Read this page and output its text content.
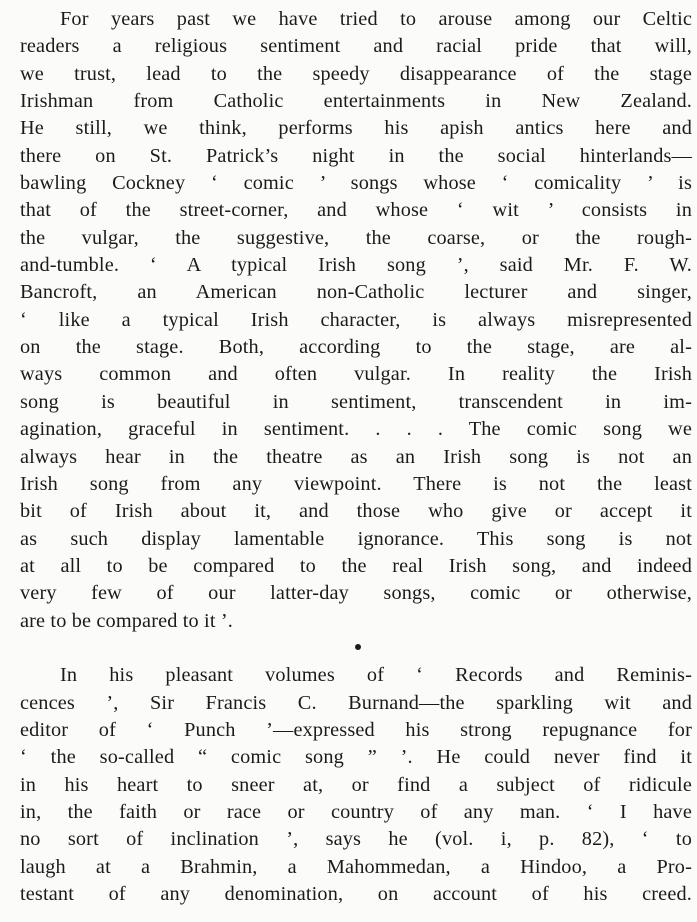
For years past we have tried to arouse among our Celtic
readers a religious sentiment and racial pride that will,
we trust, lead to the speedy disappearance of the stage
Irishman from Catholic entertainments in New Zealand.
He still, we think, performs his apish antics here and
there on St. Patrick’s night in the social hinterlands—
bawling Cockney ‘ comic ’ songs whose ‘ comicality ’ is
that of the street-corner, and whose ‘ wit ’ consists in
the vulgar, the suggestive, the coarse, or the rough-
and-tumble. ‘ A typical Irish song ’, said Mr. F. W.
Bancroft, an American non-Catholic lecturer and singer,
‘ like a typical Irish character, is always misrepresented
on the stage. Both, according to the stage, are al-
ways common and often vulgar. In reality the Irish
song is beautiful in sentiment, transcendent in im-
agination, graceful in sentiment. . . . The comic song we
always hear in the theatre as an Irish song is not an
Irish song from any viewpoint. There is not the least
bit of Irish about it, and those who give or accept it
as such display lamentable ignorance. This song is not
at all to be compared to the real Irish song, and indeed
very few of our latter-day songs, comic or otherwise,
are to be compared to it ’.
In his pleasant volumes of ‘ Records and Reminis-
cences ’, Sir Francis C. Burnand—the sparkling wit and
editor of ‘ Punch ’—expressed his strong repugnance for
‘ the so-called “ comic song ” ’. He could never find it
in his heart to sneer at, or find a subject of ridicule
in, the faith or race or country of any man. ‘ I have
no sort of inclination ’, says he (vol. i, p. 82), ‘ to
laugh at a Brahmin, a Mahommedan, a Hindoo, a Pro-
testant of any denomination, on account of his creed.
